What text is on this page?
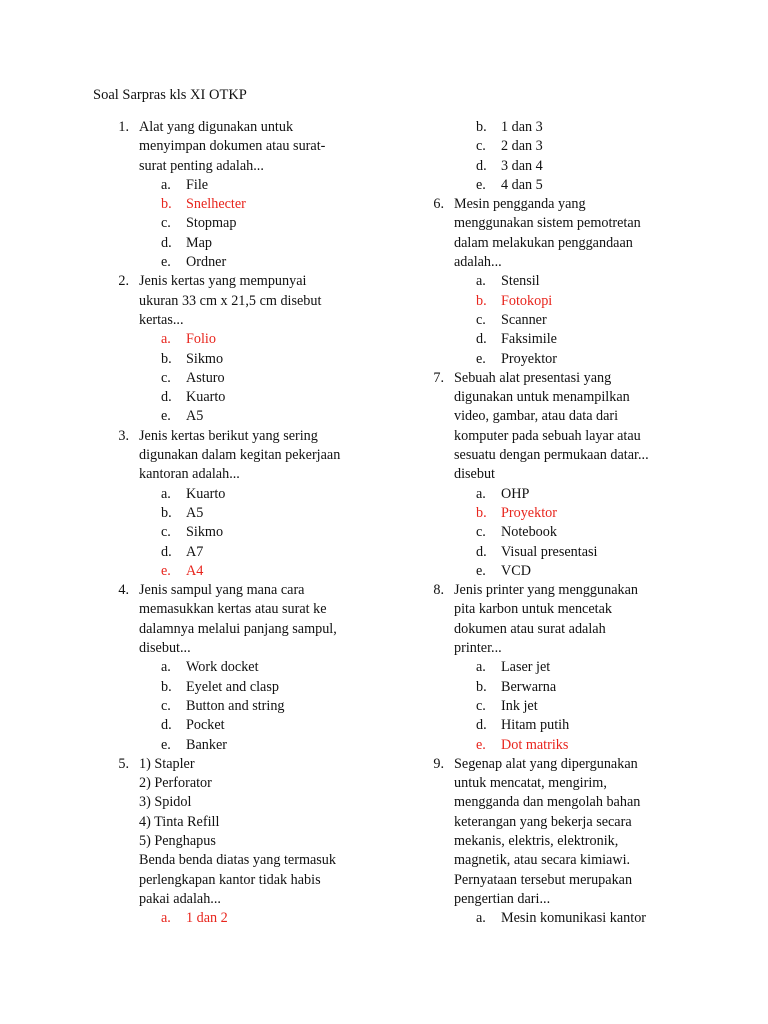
Soal Sarpras kls XI OTKP
1. Alat yang digunakan untuk
menyimpan dokumen atau surat-
surat penting adalah...
a.	File
b.	Snelhecter
c.	Stopmap
d.	Map
e.	Ordner
2. Jenis kertas yang mempunyai
ukuran 33 cm x 21,5 cm disebut
kertas...
a.	Folio
b.	Sikmo
c.	Asturo
d.	Kuarto
e.	A5
3. Jenis kertas berikut yang sering
digunakan dalam kegitan pekerjaan
kantoran adalah...
a.	Kuarto
b.	A5
c.	Sikmo
d.	A7
e.	A4
4. Jenis sampul yang mana cara
memasukkan kertas atau surat ke
dalamnya melalui panjang sampul,
disebut...
a.	Work docket
b.	Eyelet and clasp
c.	Button and string
d.	Pocket
e.	Banker
5. 1) Stapler
2) Perforator
3) Spidol
4) Tinta Refill
5) Penghapus
Benda benda diatas yang termasuk
perlengkapan kantor tidak habis
pakai adalah...
a.	1 dan 2
b.	1 dan 3
c.	2 dan 3
d.	3 dan 4
e.	4 dan 5
6. Mesin pengganda yang
menggunakan sistem pemotretan
dalam melakukan penggandaan
adalah...
a.	Stensil
b.	Fotokopi
c.	Scanner
d.	Faksimile
e.	Proyektor
7. Sebuah alat presentasi yang
digunakan untuk menampilkan
video, gambar, atau data dari
komputer pada sebuah layar atau
sesuatu dengan permukaan datar...
disebut
a.	OHP
b.	Proyektor
c.	Notebook
d.	Visual presentasi
e.	VCD
8. Jenis printer yang menggunakan
pita karbon untuk mencetak
dokumen atau surat adalah
printer...
a.	Laser jet
b.	Berwarna
c.	Ink jet
d.	Hitam putih
e.	Dot matriks
9. Segenap alat yang dipergunakan
untuk mencatat, mengirim,
mengganda dan mengolah bahan
keterangan yang bekerja secara
mekanis, elektris, elektronik,
magnetik, atau secara kimiawi.
Pernyataan tersebut merupakan
pengertian dari...
a.	Mesin komunikasi kantor
